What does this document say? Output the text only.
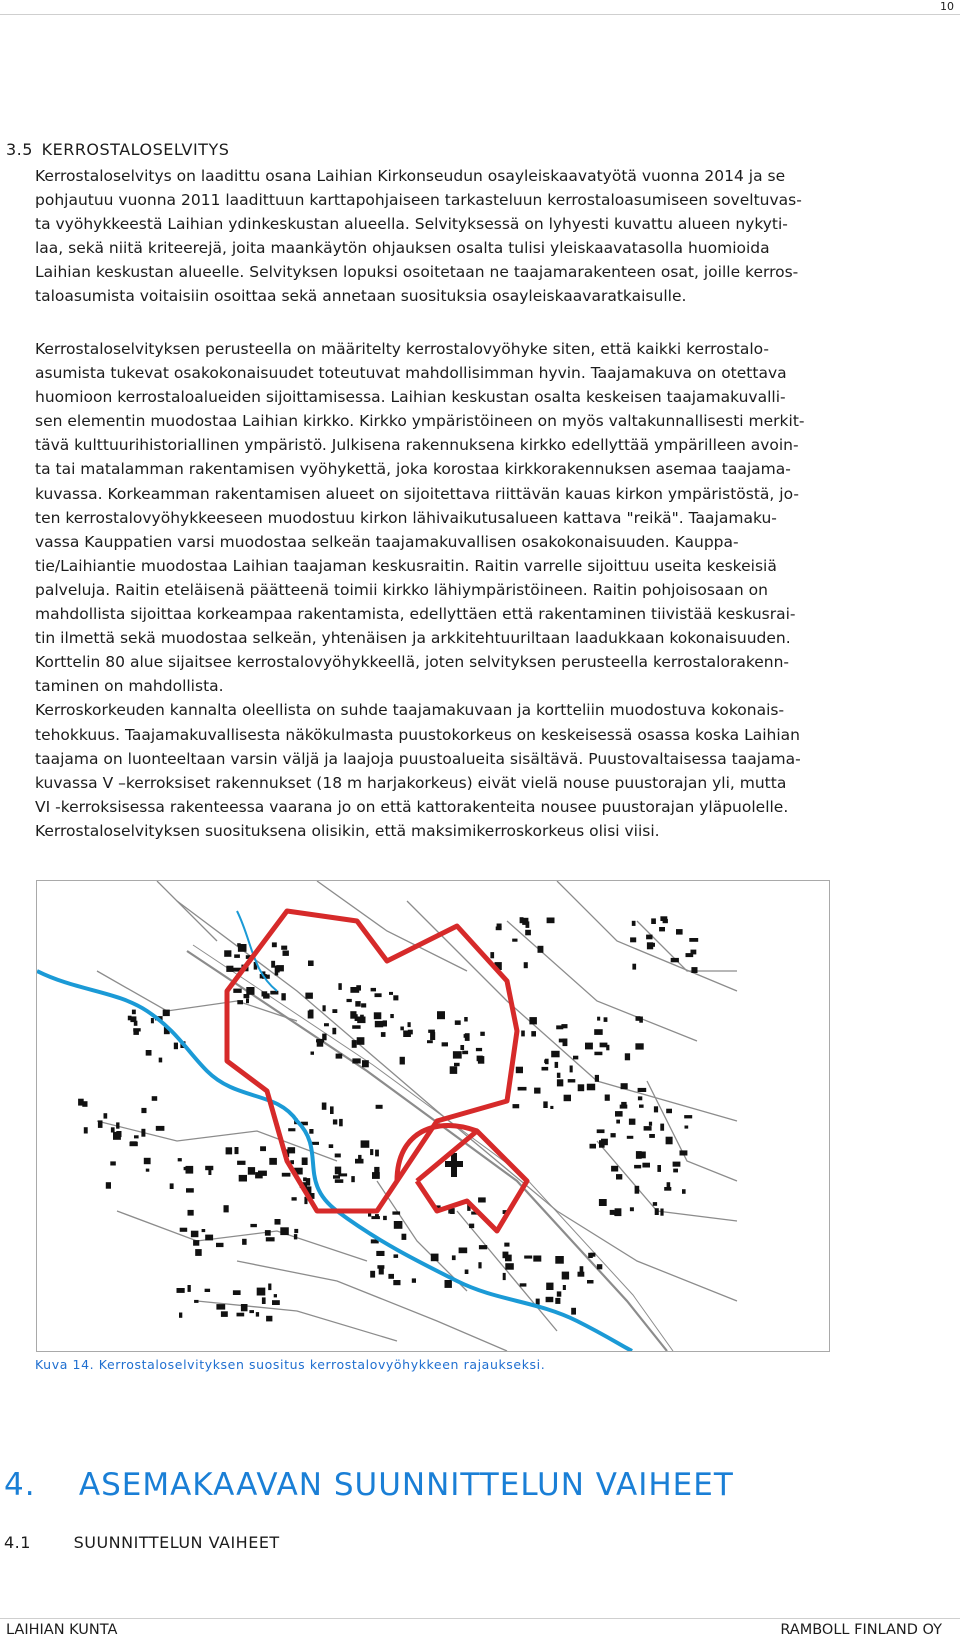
10
3.5 KERROSTALOSELVITYS

Kerrostaloselvitys on laadittu osana Laihian Kirkonseudun osayleiskaavatyötä vuonna 2014 ja se

pohjautuu vuonna 2011 laadittuun karttapohjaiseen tarkasteluun kerrostaloasumiseen soveltuvas-

ta vyöhykkeestä Laihian ydinkeskustan alueella. Selvityksessä on lyhyesti kuvattu alueen nykyti-

laa, sekä niitä kriteerejä, joita maankäytön ohjauksen osalta tulisi yleiskaavatasolla huomioida

Laihian keskustan alueelle. Selvityksen lopuksi osoitetaan ne taajamarakenteen osat, joille kerros-

taloasumista voitaisiin osoittaa sekä annetaan suosituksia osayleiskaavaratkaisulle.

Kerrostaloselvityksen perusteella on määritelty kerrostalovyöhyke siten, että kaikki kerrostalo-

asumista tukevat osakokonaisuudet toteutuvat mahdollisimman hyvin. Taajamakuva on otettava

huomioon kerrostaloalueiden sijoittamisessa. Laihian keskustan osalta keskeisen taajamakuvalli-

sen elementin muodostaa Laihian kirkko. Kirkko ympäristöineen on myös valtakunnallisesti merkit-

tävä kulttuurihistoriallinen ympäristö. Julkisena rakennuksena kirkko edellyttää ympärilleen avoin-

ta tai matalamman rakentamisen vyöhykettä, joka korostaa kirkkorakennuksen asemaa taajama-

kuvassa. Korkeamman rakentamisen alueet on sijoitettava riittävän kauas kirkon ympäristöstä, jo-

ten kerrostalovyöhykkeeseen muodostuu kirkon lähivaikutusalueen kattava "reikä". Taajamaku-

vassa Kauppatien varsi muodostaa selkeän taajamakuvallisen osakokonaisuuden. Kauppa-

tie/Laihiantie muodostaa Laihian taajaman keskusraitin. Raitin varrelle sijoittuu useita keskeisiä

palveluja. Raitin eteläisenä päätteenä toimii kirkko lähiympäristöineen. Raitin pohjoisosaan on

mahdollista sijoittaa korkeampaa rakentamista, edellyttäen että rakentaminen tiivistää keskusrai-

tin ilmettä sekä muodostaa selkeän, yhtenäisen ja arkkitehtuuriltaan laadukkaan kokonaisuuden.

Korttelin 80 alue sijaitsee kerrostalovyöhykkeellä, joten selvityksen perusteella kerrostalorakenn-

taminen on mahdollista.

Kerroskorkeuden kannalta oleellista on suhde taajamakuvaan ja kortteliin muodostuva kokonais-

tehokkuus. Taajamakuvallisesta näkökulmasta puustokorkeus on keskeisessä osassa koska Laihian

taajama on luonteeltaan varsin väljä ja laajoja puustoalueita sisältävä. Puustovaltaisessa taajama-

kuvassa V –kerroksiset rakennukset (18 m harjakorkeus) eivät vielä nouse puustorajan yli, mutta

VI -kerroksisessa rakenteessa vaarana jo on että kattorakenteita nousee puustorajan yläpuolelle.

Kerrostaloselvityksen suosituksena olisikin, että maksimikerroskorkeus olisi viisi.

Kuva 14. Kerrostaloselvityksen suositus kerrostalovyöhykkeen rajaukseksi.
4. ASEMAKAAVAN SUUNNITTELUN VAIHEET
4.1	SUUNNITTELUN VAIHEET
LAIHIAN KUNTA	RAMBOLL FINLAND OY
